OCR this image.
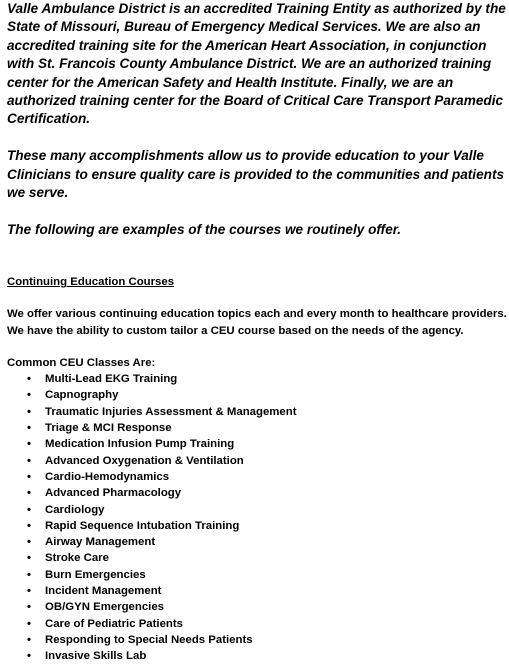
Valle Ambulance District is an accredited Training Entity as authorized by the State of Missouri, Bureau of Emergency Medical Services. We are also an accredited training site for the American Heart Association, in conjunction with St. Francois County Ambulance District. We are an authorized training center for the American Safety and Health Institute. Finally, we are an authorized training center for the Board of Critical Care Transport Paramedic Certification.

These many accomplishments allow us to provide education to your Valle Clinicians to ensure quality care is provided to the communities and patients we serve.

The following are examples of the courses we routinely offer.

Continuing Education Courses

We offer various continuing education topics each and every month to healthcare providers. We have the ability to custom tailor a CEU course based on the needs of the agency.

Common CEU Classes Are:

• Multi-Lead EKG Training
• Capnography
• Traumatic Injuries Assessment & Management
• Triage & MCI Response
• Medication Infusion Pump Training
• Advanced Oxygenation & Ventilation
• Cardio-Hemodynamics
• Advanced Pharmacology
• Cardiology
• Rapid Sequence Intubation Training
• Airway Management
• Stroke Care
• Burn Emergencies
• Incident Management
• OB/GYN Emergencies
• Care of Pediatric Patients
• Responding to Special Needs Patients
• Invasive Skills Lab
